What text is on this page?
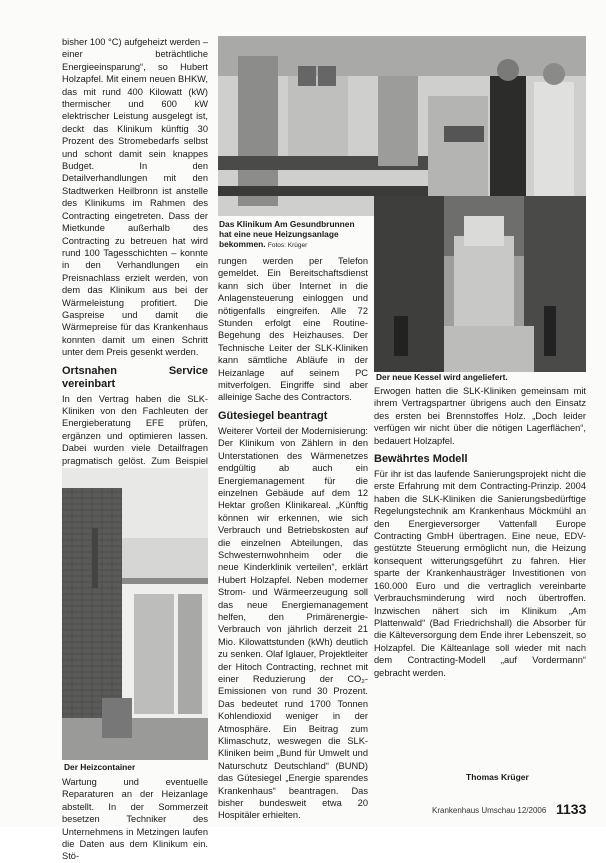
bisher 100 °C) aufgeheizt werden – einer beträchtliche Energieeinsparung“, so Hubert Holzapfel. Mit einem neuen BHKW, das mit rund 400 Kilowatt (kW) thermischer und 600 kW elektrischer Leistung ausgelegt ist, deckt das Klinikum künftig 30 Prozent des Stromebedarfs selbst und schont damit sein knappes Budget. In den Detailverhandlungen mit den Stadtwerken Heilbronn ist anstelle des Klinikums im Rahmen des Contracting eingetreten. Dass der Mietkunde außerhalb des Contracting zu betreuen hat wird rund 100 Tagesschichten – konnte in den Verhandlungen ein Preisnachlass erzielt werden, von dem das Klinikum aus bei der Wärmeleistung profitiert. Die Gaspreise und damit die Wärmepreise für das Krankenhaus konnten damit um einen Schritt unter dem Preis gesenkt werden.

Ortsnahen Service vereinbart

In den Vertrag haben die SLK-Kliniken von den Fachleuten der Energieberatung EFE prüfen, ergänzen und optimieren lassen. Dabei wurden viele Detailfragen pragmatisch gelöst. Zum Beispiel

Der Heizcontainer

Wartung und eventuelle Reparaturen an der Heizanlage abstellt. In der Sommerzeit besetzen Techniker des Unternehmens in Metzingen laufen die Daten aus dem Klinikum ein. Stö-

Das Klinikum Am Gesundbrunnen hat eine neue Heizungsanlage bekommen. Fotos: Krüger

rungen werden per Telefon gemeldet. Ein Bereitschaftsdienst kann sich über Internet in die Anlagensteuerung einloggen und nötigenfalls eingreifen. Alle 72 Stunden erfolgt eine Routine-Begehung des Heizhauses. Der Technische Leiter der SLK-Kliniken kann sämtliche Abläufe in der Heizanlage auf seinem PC mitverfolgen. Eingriffe sind aber alleinige Sache des Contractors.

Gütesiegel beantragt

Weiterer Vorteil der Modernisierung: Der Klinikum von Zählern in den Unterstationen des Wärmenetzes endgültig ab auch ein Energiemanagement für die einzelnen Gebäude auf dem 12 Hektar großen Klinikareal. „Künftig können wir erkennen, wie sich Verbrauch und Betriebskosten auf die einzelnen Abteilungen, das Schwesternwohnheim oder die neue Kinderklinik verteilen“, erklärt Hubert Holzapfel. Neben moderner Strom- und Wärmeerzeugung soll das neue Energiemanagement helfen, den Primärenergie-Verbrauch von jährlich derzeit 21 Mio. Kilowattstunden (kWh) deutlich zu senken. Olaf Iglauer, Projektleiter der Hitoch Contracting, rechnet mit einer Reduzierung der CO₂-Emissionen von rund 30 Prozent. Das bedeutet rund 1700 Tonnen Kohlendioxid weniger in der Atmosphäre. Ein Beitrag zum Klimaschutz, weswegen die SLK-Kliniken beim „Bund für Umwelt und Naturschutz Deutschland“ (BUND) das Gütesiegel „Energie sparendes Krankenhaus“ beantragen. Das bisher bundesweit etwa 20 Hospitäler erhielten.

Der neue Kessel wird angeliefert.

Erwogen hatten die SLK-Kliniken gemeinsam mit ihrem Vertragspartner übrigens auch den Einsatz des ersten bei Brennstoffes Holz. „Doch leider verfügen wir nicht über die nötigen Lagerflächen“, bedauert Holzapfel.

Bewährtes Modell

Für ihr ist das laufende Sanierungsprojekt nicht die erste Erfahrung mit dem Contracting-Prinzip. 2004 haben die SLK-Kliniken die Sanierungsbedürftige Regelungstechnik am Krankenhaus Möckmühl an den Energieversorger Vattenfall Europe Contracting GmbH übertragen. Eine neue, EDV-gestützte Steuerung ermöglicht nun, die Heizung konsequent witterungsgeführt zu fahren. Hier sparte der Krankenhausträger Investitionen von 160.000 Euro und die vertraglich vereinbarte Verbrauchsminderung wird noch übertroffen. Inzwischen nähert sich im Klinikum „Am Plattenwald“ (Bad Friedrichshall) die Absorber für die Kälteversorgung dem Ende ihrer Lebenszeit, so Holzapfel. Die Kälteanlage soll wieder mit nach dem Contracting-Modell „auf Vordermann“ gebracht werden.

Thomas Krüger
Krankenhaus Umschau 12/2006 1133
